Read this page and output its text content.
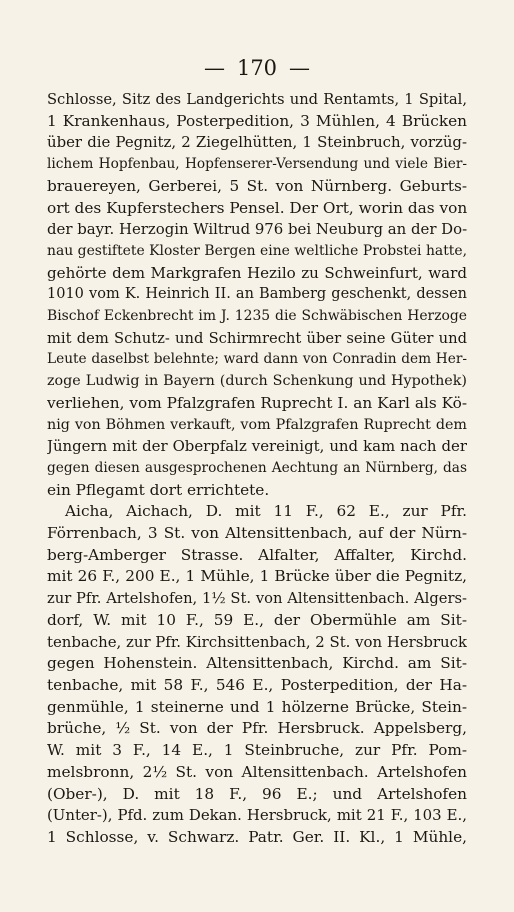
— 170 —
Schlosse, Sitz des Landgerichts und Rentamts, 1 Spital,
1 Krankenhaus, Posterpedition, 3 Mühlen, 4 Brücken
über die Pegnitz, 2 Ziegelhütten, 1 Steinbruch, vorzüg-
lichem Hopfenbau, Hopfenserer-Versendung und viele Bier-
brauereyen, Gerberei, 5 St. von Nürnberg. Geburts-
ort des Kupferstechers Pensel. Der Ort, worin das von
der bayr. Herzogin Wiltrud 976 bei Neuburg an der Do-
nau gestiftete Kloster Bergen eine weltliche Probstei hatte,
gehörte dem Markgrafen Hezilo zu Schweinfurt, ward
1010 vom K. Heinrich II. an Bamberg geschenkt, dessen
Bischof Eckenbrecht im J. 1235 die Schwäbischen Herzoge
mit dem Schutz- und Schirmrecht über seine Güter und
Leute daselbst belehnte; ward dann von Conradin dem Her-
zoge Ludwig in Bayern (durch Schenkung und Hypothek)
verliehen, vom Pfalzgrafen Ruprecht I. an Karl als Kö-
nig von Böhmen verkauft, vom Pfalzgrafen Ruprecht dem
Jüngern mit der Oberpfalz vereinigt, und kam nach der
gegen diesen ausgesprochenen Aechtung an Nürnberg, das
ein Pflegamt dort errichtete.
Aicha, Aichach, D. mit 11 F., 62 E., zur Pfr.
Förrenbach, 3 St. von Altensittenbach, auf der Nürn-
berg-Amberger Strasse. Alfalter, Affalter, Kirchd.
mit 26 F., 200 E., 1 Mühle, 1 Brücke über die Pegnitz,
zur Pfr. Artelshofen, 1½ St. von Altensittenbach. Algers-
dorf, W. mit 10 F., 59 E., der Obermühle am Sit-
tenbache, zur Pfr. Kirchsittenbach, 2 St. von Hersbruck
gegen Hohenstein. Altensittenbach, Kirchd. am Sit-
tenbache, mit 58 F., 546 E., Posterpedition, der Ha-
genmühle, 1 steinerne und 1 hölzerne Brücke, Stein-
brüche, ½ St. von der Pfr. Hersbruck. Appelsberg,
W. mit 3 F., 14 E., 1 Steinbruche, zur Pfr. Pom-
melsbronn, 2½ St. von Altensittenbach. Artelshofen
(Ober-), D. mit 18 F., 96 E.; und Artelshofen
(Unter-), Pfd. zum Dekan. Hersbruck, mit 21 F., 103 E.,
1 Schlosse, v. Schwarz. Patr. Ger. II. Kl., 1 Mühle,
